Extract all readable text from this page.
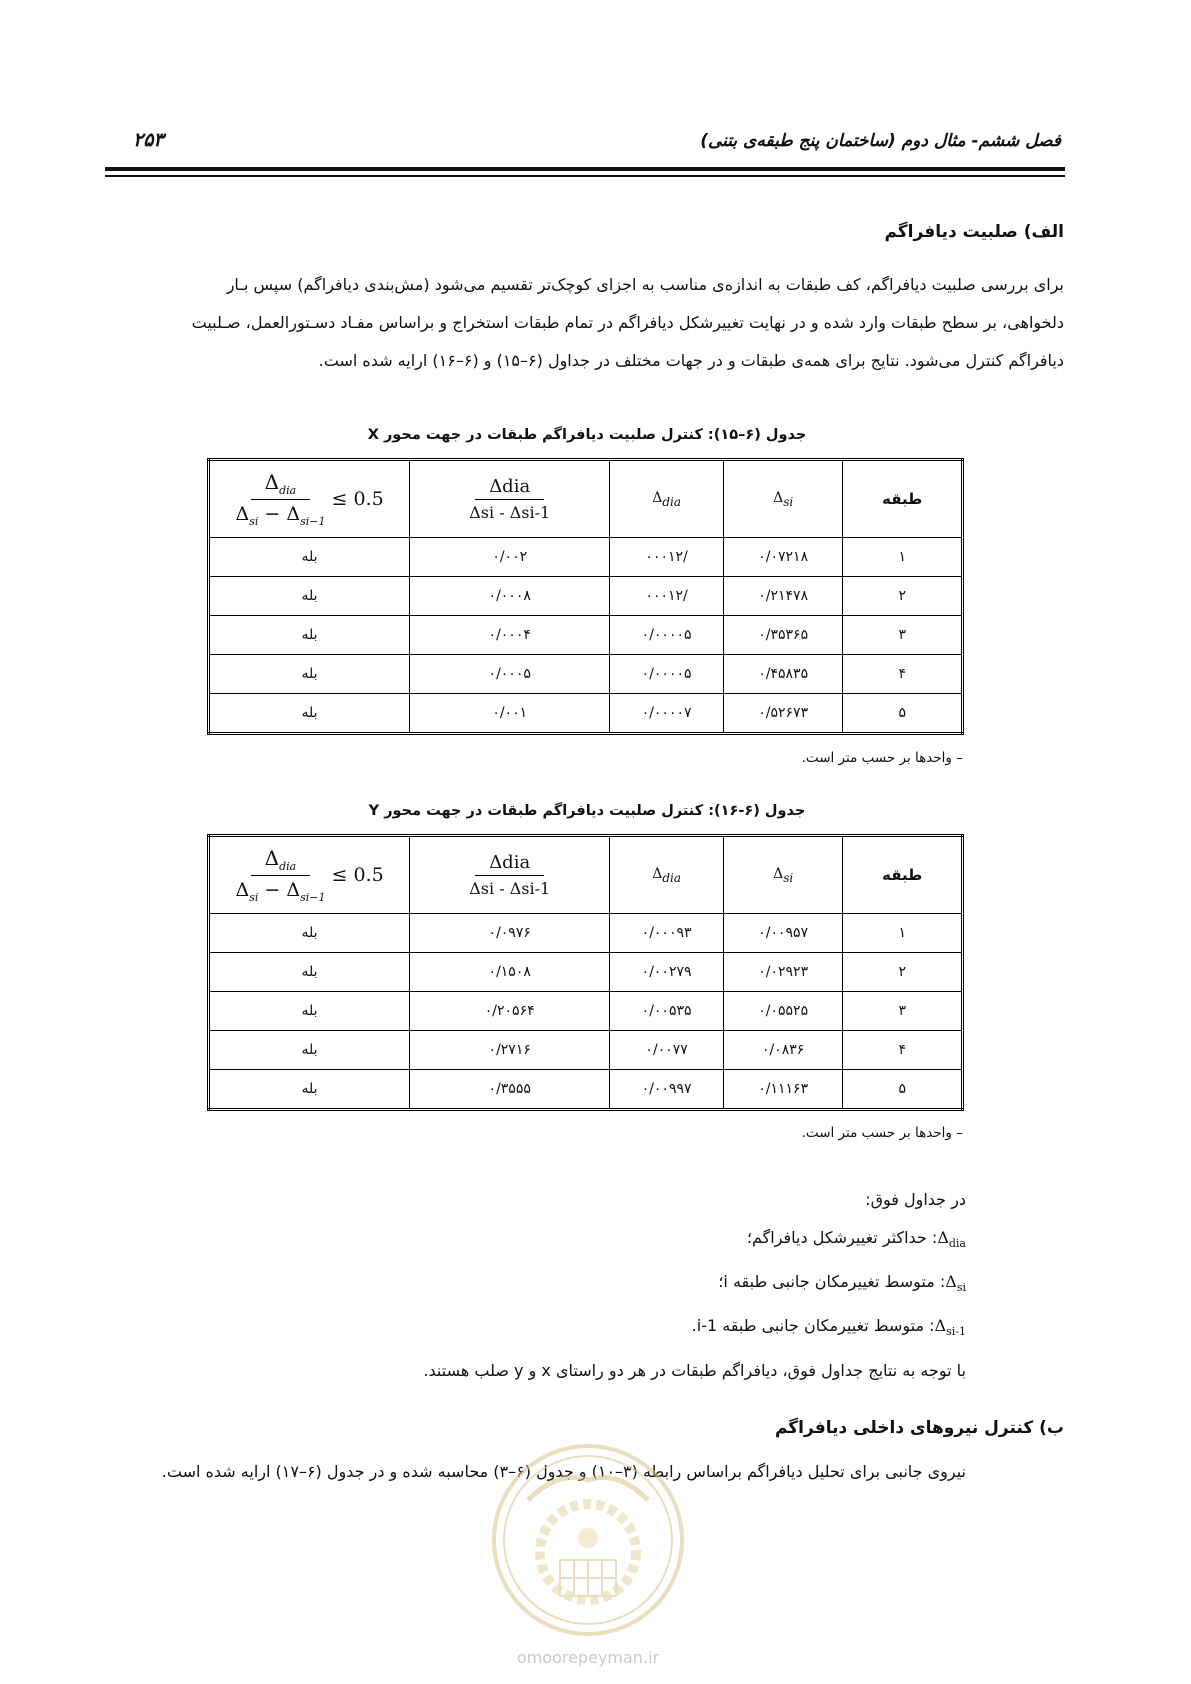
فصل ششم- مثال دوم (ساختمان پنج طبقه‌ی بتنی)
۲۵۳
الف) صلبیت دیافراگم

برای بررسی صلبیت دیافراگم، کف طبقات به اندازه‌ی مناسب به اجزای کوچک‌تر تقسیم می‌شود (مش‌بندی دیافراگم) سپس بـار

دلخواهی، بر سطح طبقات وارد شده و در نهایت تغییرشکل دیافراگم در تمام طبقات استخراج و براساس مفـاد دسـتورالعمل، صـلبیت

دیافراگم کنترل می‌شود. نتایج برای همه‌ی طبقات و در جهات مختلف در جداول (۶–۱۵) و (۶–۱۶) ارایه شده است.

جدول (۶–۱۵): کنترل صلبیت دیافراگم طبقات در جهت محور X
$\frac{\Delta_{dia}}{\Delta_{si} - \Delta_{si-1}} \le 0.5$	$\frac{\text{Δdia}}{\text{Δsi - Δsi-1}}$	$\Delta_{dia}$	$\Delta_{si}$	طبقه
بله	۰/۰۰۲	/۰۰۰۱۲	۰/۰۷۲۱۸	۱
بله	۰/۰۰۰۸	/۰۰۰۱۲	۰/۲۱۴۷۸	۲
بله	۰/۰۰۰۴	۰/۰۰۰۰۵	۰/۳۵۳۶۵	۳
بله	۰/۰۰۰۵	۰/۰۰۰۰۵	۰/۴۵۸۳۵	۴
بله	۰/۰۰۱	۰/۰۰۰۰۷	۰/۵۲۶۷۳	۵
– واحدها بر حسب متر است.
جدول (۶-۱۶): کنترل صلبیت دیافراگم طبقات در جهت محور Y
$\frac{\Delta_{dia}}{\Delta_{si} - \Delta_{si-1}} \le 0.5$	$\frac{\text{Δdia}}{\text{Δsi - Δsi-1}}$	$\Delta_{dia}$	$\Delta_{si}$	طبقه
بله	۰/۰۹۷۶	۰/۰۰۰۹۳	۰/۰۰۹۵۷	۱
بله	۰/۱۵۰۸	۰/۰۰۲۷۹	۰/۰۲۹۲۳	۲
بله	۰/۲۰۵۶۴	۰/۰۰۵۳۵	۰/۰۵۵۲۵	۳
بله	۰/۲۷۱۶	۰/۰۰۷۷	۰/۰۸۳۶	۴
بله	۰/۳۵۵۵	۰/۰۰۹۹۷	۰/۱۱۱۶۳	۵
– واحدها بر حسب متر است.
در جداول فوق:
$\Delta_{dia}$: حداکثر تغییرشکل دیافراگم؛
$\Delta_{si}$: متوسط تغییرمکان جانبی طبقه i؛
$\Delta_{si-1}$: متوسط تغییرمکان جانبی طبقه i-1.
با توجه به نتایج جداول فوق، دیافراگم طبقات در هر دو راستای x و y صلب هستند.
ب) کنترل نیروهای داخلی دیافراگم
نیروی جانبی برای تحلیل دیافراگم براساس رابطه (۳–۱۰) و جدول (۶–۳) محاسبه شده و در جدول (۶–۱۷) ارایه شده است.
omoorepeyman.ir
